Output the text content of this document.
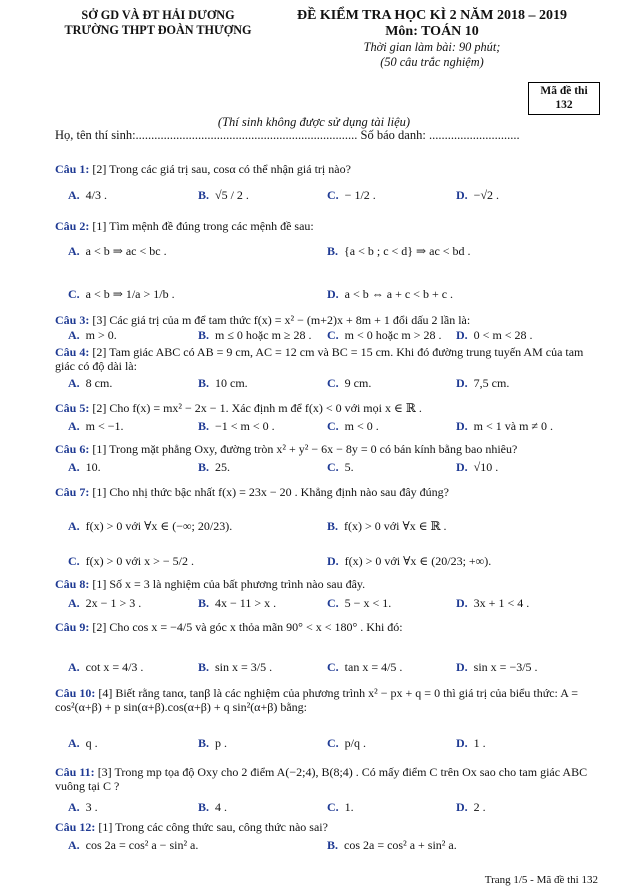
SỞ GD VÀ ĐT HẢI DƯƠNG
TRƯỜNG THPT ĐOÀN THƯỢNG
ĐỀ KIỂM TRA HỌC KÌ 2 NĂM 2018 – 2019
Môn: TOÁN 10
Thời gian làm bài: 90 phút;
(50 câu trắc nghiệm)
Mã đề thi
132
(Thí sinh không được sử dụng tài liệu)
Họ, tên thí sinh:....................................................................... Số báo danh: .............................
Câu 1: [2] Trong các giá trị sau, cosα có thể nhận giá trị nào?
A. 4/3 .	B. √5 / 2 .	C. − 1/2 .	D. −√2 .
Câu 2: [1] Tìm mệnh đề đúng trong các mệnh đề sau:
A. a < b ⇒ ac < bc .	B. {a < b ; c < d} ⇒ ac < bd .
C. a < b ⇒ 1/a > 1/b .	D. a < b ⇔ a + c < b + c .
Câu 3: [3] Các giá trị của m để tam thức f(x) = x² − (m+2)x + 8m + 1 đổi dấu 2 lần là:
A. m > 0.	B. m ≤ 0 hoặc m ≥ 28 . C. m < 0 hoặc m > 28 . D. 0 < m < 28 .
Câu 4: [2] Tam giác ABC có AB = 9 cm, AC = 12 cm và BC = 15 cm. Khi đó đường trung tuyến AM của tam giác có độ dài là:
A. 8 cm.	B. 10 cm.	C. 9 cm.	D. 7,5 cm.
Câu 5: [2] Cho f(x) = mx² − 2x − 1. Xác định m để f(x) < 0 với mọi x ∈ ℝ .
A. m < −1.	B. −1 < m < 0 .	C. m < 0 .	D. m < 1 và m ≠ 0 .
Câu 6: [1] Trong mặt phẳng Oxy, đường tròn x² + y² − 6x − 8y = 0 có bán kính bằng bao nhiêu?
A. 10.	B. 25.	C. 5.	D. √10 .
Câu 7: [1] Cho nhị thức bậc nhất f(x) = 23x − 20 . Khẳng định nào sau đây đúng?
A. f(x) > 0 với ∀x ∈ (−∞; 20/23).	B. f(x) > 0 với ∀x ∈ ℝ .
C. f(x) > 0 với x > − 5/2 .	D. f(x) > 0 với ∀x ∈ (20/23; +∞).
Câu 8: [1] Số x = 3 là nghiệm của bất phương trình nào sau đây.
A. 2x − 1 > 3 .	B. 4x − 11 > x .	C. 5 − x < 1.	D. 3x + 1 < 4 .
Câu 9: [2] Cho cos x = −4/5 và góc x thỏa mãn 90° < x < 180° . Khi đó:
A. cot x = 4/3 .	B. sin x = 3/5 .	C. tan x = 4/5 .	D. sin x = −3/5 .
Câu 10: [4] Biết rằng tanα, tanβ là các nghiệm của phương trình x² − px + q = 0 thì giá trị của biểu thức: A = cos²(α+β) + p sin(α+β).cos(α+β) + q sin²(α+β) bằng:
A. q .	B. p .	C. p/q .	D. 1 .
Câu 11: [3] Trong mp tọa độ Oxy cho 2 điểm A(−2;4), B(8;4) . Có mấy điểm C trên Ox sao cho tam giác ABC vuông tại C ?
A. 3 .	B. 4 .	C. 1.	D. 2 .
Câu 12: [1] Trong các công thức sau, công thức nào sai?
A. cos 2a = cos² a − sin² a.	B. cos 2a = cos² a + sin² a.
Trang 1/5 - Mã đề thi 132
